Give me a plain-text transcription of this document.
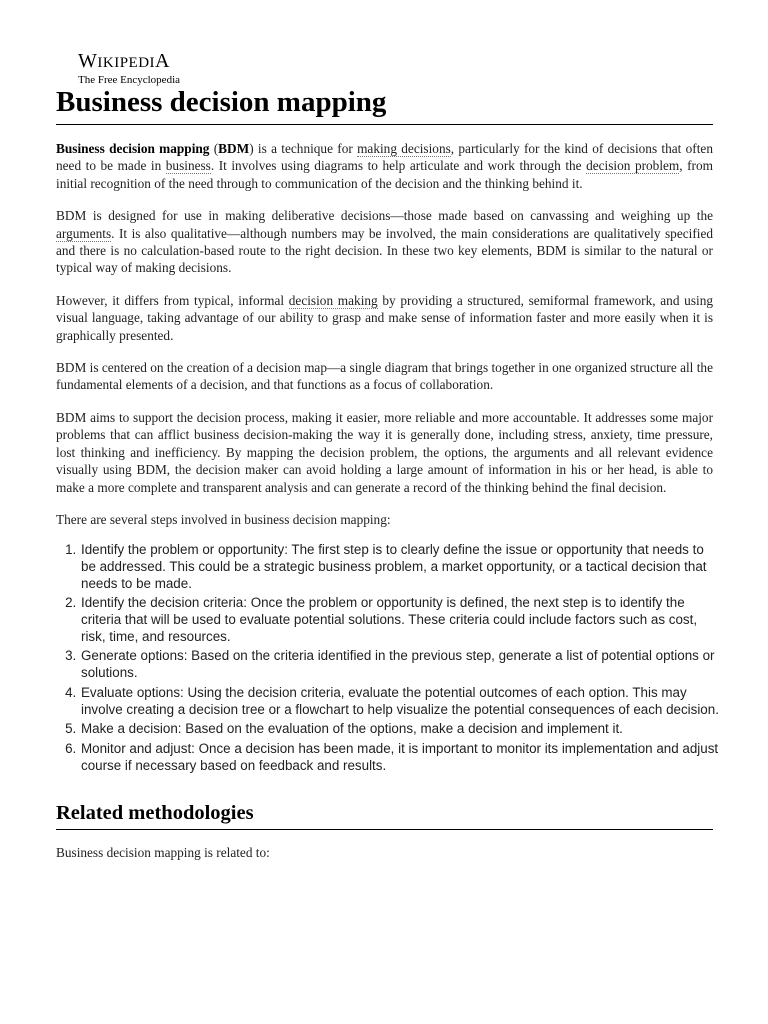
WIKIPEDIA
The Free Encyclopedia
Business decision mapping

Business decision mapping (BDM) is a technique for making decisions, particularly for the kind of decisions that often need to be made in business. It involves using diagrams to help articulate and work through the decision problem, from initial recognition of the need through to communication of the decision and the thinking behind it.

BDM is designed for use in making deliberative decisions—those made based on canvassing and weighing up the arguments. It is also qualitative—although numbers may be involved, the main considerations are qualitatively specified and there is no calculation-based route to the right decision. In these two key elements, BDM is similar to the natural or typical way of making decisions.

However, it differs from typical, informal decision making by providing a structured, semiformal framework, and using visual language, taking advantage of our ability to grasp and make sense of information faster and more easily when it is graphically presented.

BDM is centered on the creation of a decision map—a single diagram that brings together in one organized structure all the fundamental elements of a decision, and that functions as a focus of collaboration.

BDM aims to support the decision process, making it easier, more reliable and more accountable. It addresses some major problems that can afflict business decision-making the way it is generally done, including stress, anxiety, time pressure, lost thinking and inefficiency. By mapping the decision problem, the options, the arguments and all relevant evidence visually using BDM, the decision maker can avoid holding a large amount of information in his or her head, is able to make a more complete and transparent analysis and can generate a record of the thinking behind the final decision.

There are several steps involved in business decision mapping:

1. Identify the problem or opportunity: The first step is to clearly define the issue or opportunity that needs to be addressed. This could be a strategic business problem, a market opportunity, or a tactical decision that needs to be made.
2. Identify the decision criteria: Once the problem or opportunity is defined, the next step is to identify the criteria that will be used to evaluate potential solutions. These criteria could include factors such as cost, risk, time, and resources.
3. Generate options: Based on the criteria identified in the previous step, generate a list of potential options or solutions.
4. Evaluate options: Using the decision criteria, evaluate the potential outcomes of each option. This may involve creating a decision tree or a flowchart to help visualize the potential consequences of each decision.
5. Make a decision: Based on the evaluation of the options, make a decision and implement it.
6. Monitor and adjust: Once a decision has been made, it is important to monitor its implementation and adjust course if necessary based on feedback and results.
Related methodologies

Business decision mapping is related to:
